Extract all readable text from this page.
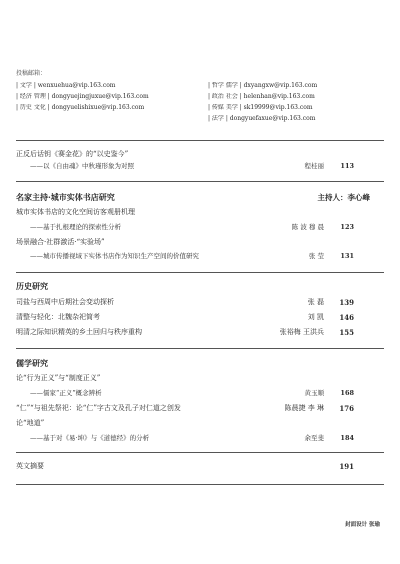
投稿邮箱：
| 文学 | wenxuehua@vip.163.com	| 哲学 儒学 | dxyangxw@vip.163.com
| 经济 管理 | dongyuejingjuxue@vip.163.com	| 政治 社会 | helenhan@vip.163.com
| 历史 文化 | dongyuelishixue@vip.163.com	| 传媒 美学 | sk19999@vip.163.com
| 法学 | dongyuefaxue@vip.163.com
正反后话钥《赛金花》的“以史鉴今”
——以《自由魂》中秋瑾形象为对照	程桂丽	113
名家主持·城市实体书店研究	主持人：李心峰
城市实体书店的文化空间访客观册机理
——基于扎根理论的探索性分析	陈 波 穆 晨	123
场景融合·社群激活·“实验场”
——城市传播视域下实体书店作为知识生产空间的价值研究	张 莹	131
历史研究
司盐与西周中后期社会变动探析	张 磊	139
清整与轻化：北魏杂祀简考	刘 凯	146
明清之际知识精英的乡土回归与秩序重构	张裕梅 王洪兵	155
儒学研究
论“行为正义”与“制度正义”
——儒家“正义”概念辨析	黄玉顺	168
“仁”“与祖先祭祀：论“仁”字古文及孔子对仁道之创发	陈晨捷 李 琳	176
论“地道”
——基于对《易·坤》与《道德经》的分析	余至斐	184
英文摘要	191
封面设计 张瑜
